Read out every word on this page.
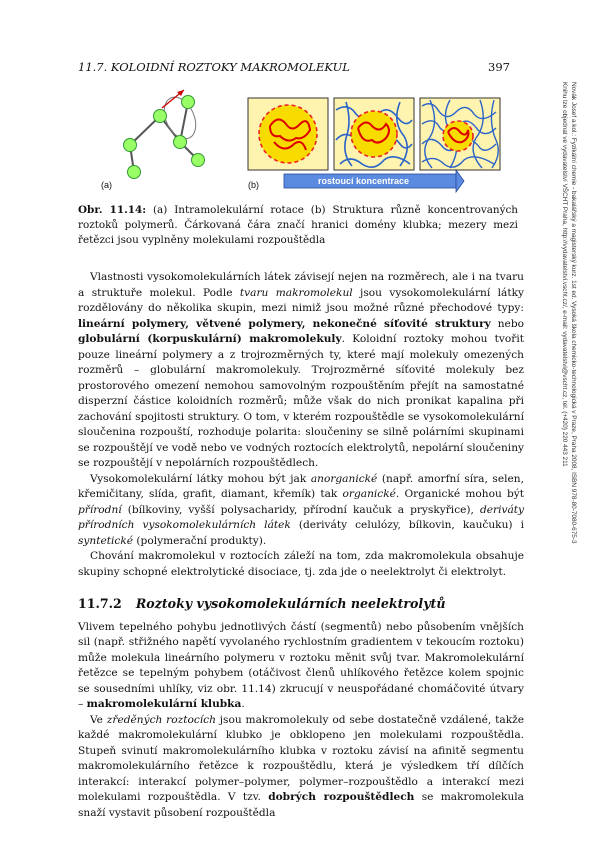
11.7. KOLOIDNÍ ROZTOKY MAKROMOLEKUL	397
(a)	(b)	rostoucí koncentrace
Obr. 11.14: (a) Intramolekulární rotace (b) Struktura různě koncentrovaných roztoků polymerů. Čárkovaná čára značí hranici domény klubka; mezery mezi řetězci jsou vyplněny molekulami rozpouštědla	Novák Josef a kol.: Fyzikální chemie - bakalářský a magisterský kurz. 1st ed. Vysoká škola chemicko-technologická v Praze, Praha 2008, ISBN 978-80-7080-675-3
Knihu lze objednat ve vydavatelství VŠCHT Praha, http://vydavatelstvi.vscht.cz/, e-mail: vydavatelstvi@vscht.cz, tel. (+420) 220 443 211

Vlastnosti vysokomolekulárních látek závisejí nejen na rozměrech, ale i na tvaru a struktuře molekul. Podle tvaru makromolekul jsou vysokomolekulární látky rozdělovány do několika skupin, mezi nimiž jsou možné různé přechodové typy: lineární polymery, větvené polymery, nekonečné síťovité struktury nebo globulární (korpuskulární) makromolekuly. Koloidní roztoky mohou tvořit pouze lineární polymery a z trojrozměrných ty, které mají molekuly omezených rozměrů – globulární makromolekuly. Trojrozměrné síťovité molekuly bez prostorového omezení nemohou samovolným rozpouštěním přejít na samostatné disperzní částice koloidních rozměrů; může však do nich pronikat kapalina při zachování spojitosti struktury. O tom, v kterém rozpouštědle se vysokomolekulární sloučenina rozpouští, rozhoduje polarita: sloučeniny se silně polárními skupinami se rozpouštějí ve vodě nebo ve vodných roztocích elektrolytů, nepolární sloučeniny se rozpouštějí v nepolárních rozpouštědlech.

Vysokomolekulární látky mohou být jak anorganické (např. amorfní síra, selen, křemičitany, slída, grafit, diamant, křemík) tak organické. Organické mohou být přírodní (bílkoviny, vyšší polysacharidy, přírodní kaučuk a pryskyřice), deriváty přírodních vysokomolekulárních látek (deriváty celulózy, bílkovin, kaučuku) i syntetické (polymerační produkty).

Chování makromolekul v roztocích záleží na tom, zda makromolekula obsahuje skupiny schopné elektrolytické disociace, tj. zda jde o neelektrolyt či elektrolyt.

11.7.2 Roztoky vysokomolekulárních neelektrolytů

Vlivem tepelného pohybu jednotlivých částí (segmentů) nebo působením vnějších sil (např. střižného napětí vyvolaného rychlostním gradientem v tekoucím roztoku) může molekula lineárního polymeru v roztoku měnit svůj tvar. Makromolekulární řetězce se tepelným pohybem (otáčivost členů uhlíkového řetězce kolem spojnic se sousedními uhlíky, viz obr. 11.14) zkrucují v neuspořádané chomáčovité útvary – makromolekulární klubka.

Ve zředěných roztocích jsou makromolekuly od sebe dostatečně vzdálené, takže každé makromolekulární klubko je obklopeno jen molekulami rozpouštědla. Stupeň svinutí makromolekulárního klubka v roztoku závisí na afinitě segmentu makromolekulárního řetězce k rozpouštědlu, která je výsledkem tří dílčích interakcí: interakcí polymer–polymer, polymer–rozpouštědlo a interakcí mezi molekulami rozpouštědla. V tzv. dobrých rozpouštědlech se makromolekula snaží vystavit působení rozpouštědla
